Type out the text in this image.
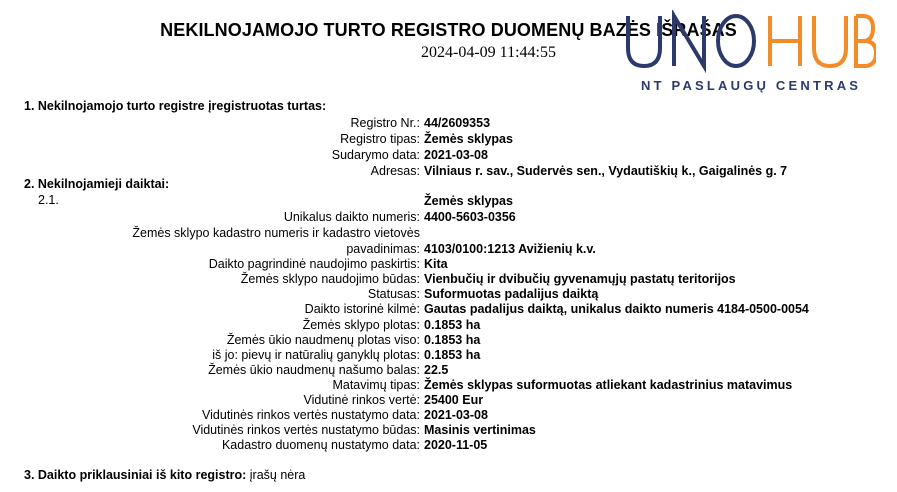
NEKILNOJAMOJO TURTO REGISTRO DUOMENŲ BAZĖS IŠRAŠAS
2024-04-09 11:44:55
NT PASLAUGŲ CENTRAS
1. Nekilnojamojo turto registre įregistruotas turtas:
Registro Nr.: 44/2609353
Registro tipas: Žemės sklypas
Sudarymo data: 2021-03-08
Adresas: Vilniaus r. sav., Sudervės sen., Vydautiškių k., Gaigalinės g. 7
2. Nekilnojamieji daiktai:
2.1.	Žemės sklypas
Unikalus daikto numeris: 4400-5603-0356
Žemės sklypo kadastro numeris ir kadastro vietovės
pavadinimas: 4103/0100:1213 Avižienių k.v.
Daikto pagrindinė naudojimo paskirtis: Kita
Žemės sklypo naudojimo būdas: Vienbučių ir dvibučių gyvenamųjų pastatų teritorijos
Statusas: Suformuotas padalijus daiktą
Daikto istorinė kilmė: Gautas padalijus daiktą, unikalus daikto numeris 4184-0500-0054
Žemės sklypo plotas: 0.1853 ha
Žemės ūkio naudmenų plotas viso: 0.1853 ha
iš jo: pievų ir natūralių ganyklų plotas: 0.1853 ha
Žemės ūkio naudmenų našumo balas: 22.5
Matavimų tipas: Žemės sklypas suformuotas atliekant kadastrinius matavimus
Vidutinė rinkos vertė: 25400 Eur
Vidutinės rinkos vertės nustatymo data: 2021-03-08
Vidutinės rinkos vertės nustatymo būdas: Masinis vertinimas
Kadastro duomenų nustatymo data: 2020-11-05
3. Daikto priklausiniai iš kito registro: įrašų nėra
